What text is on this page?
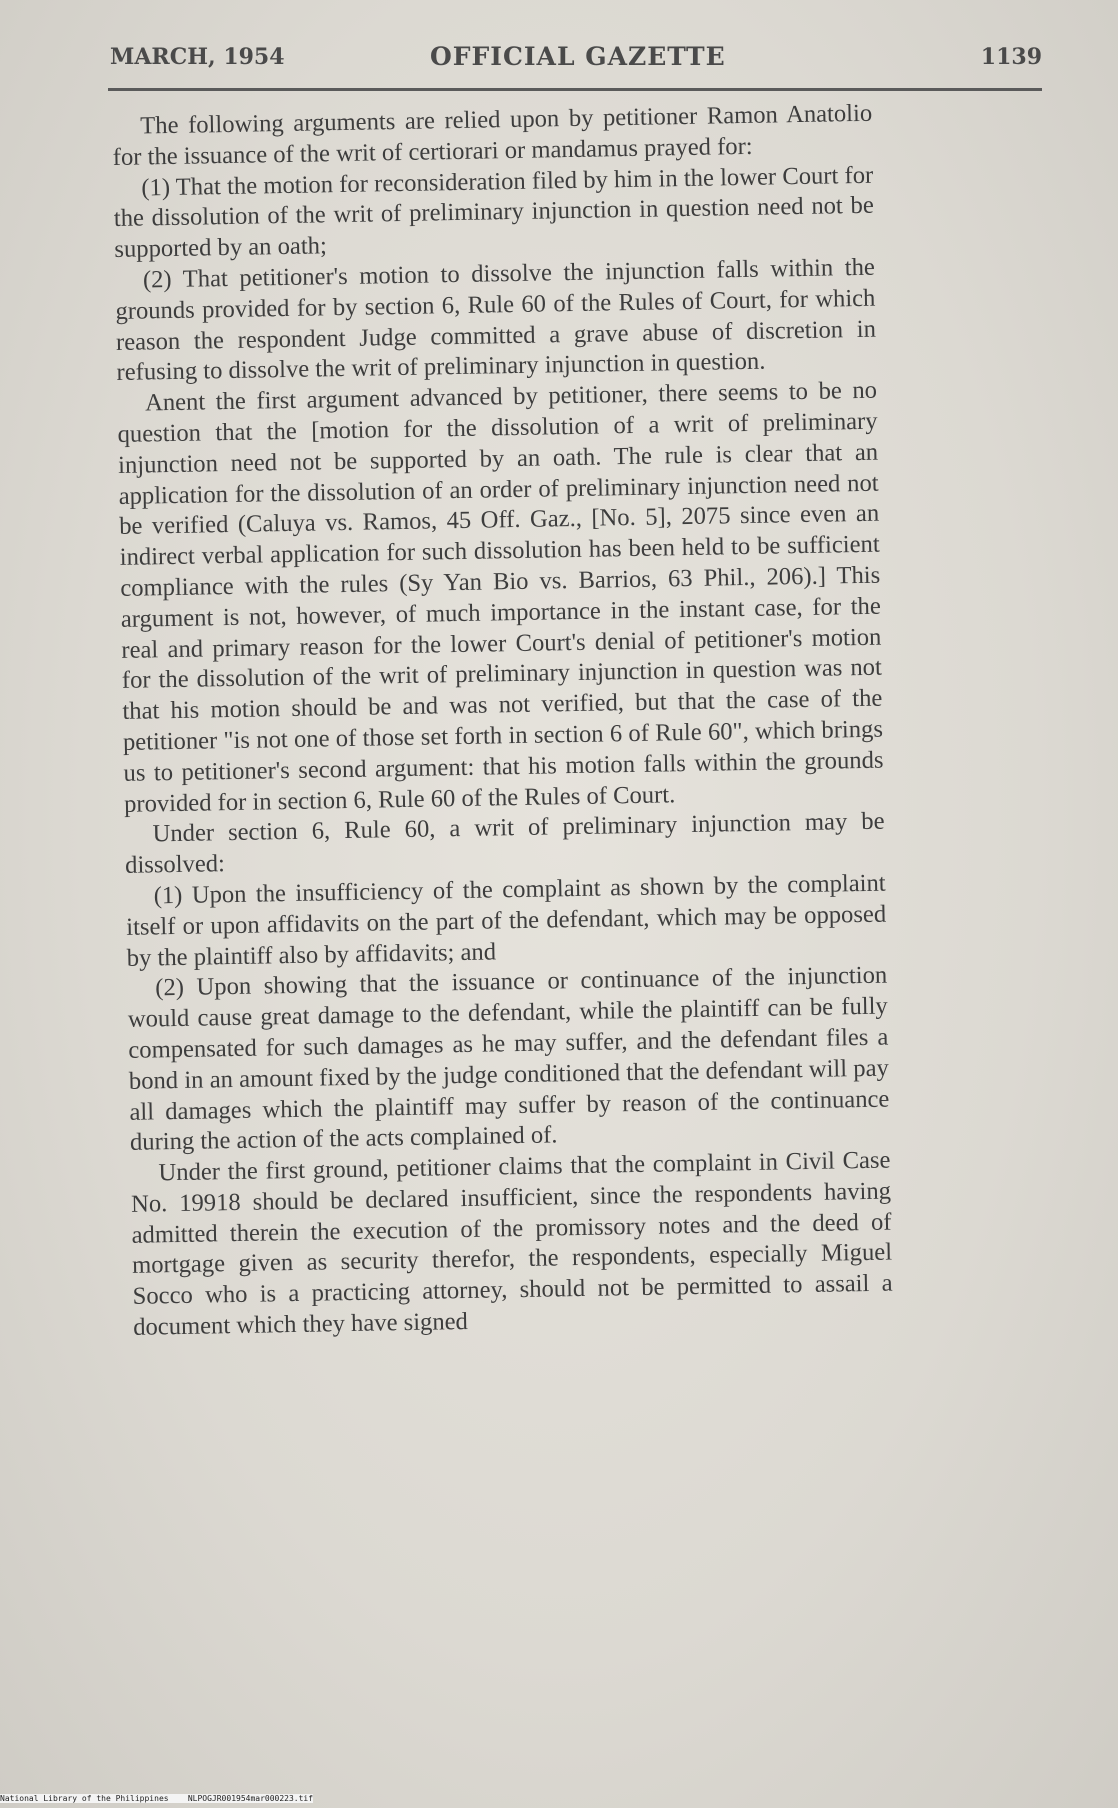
MARCH, 1954	OFFICIAL GAZETTE	1139

The following arguments are relied upon by petitioner Ramon Anatolio for the issuance of the writ of certiorari or mandamus prayed for:

(1) That the motion for reconsideration filed by him in the lower Court for the dissolution of the writ of preliminary injunction in question need not be supported by an oath;

(2) That petitioner's motion to dissolve the injunction falls within the grounds provided for by section 6, Rule 60 of the Rules of Court, for which reason the respondent Judge committed a grave abuse of discretion in refusing to dissolve the writ of preliminary injunction in question.

Anent the first argument advanced by petitioner, there seems to be no question that the [motion for the dissolution of a writ of preliminary injunction need not be supported by an oath. The rule is clear that an application for the dissolution of an order of preliminary injunction need not be verified (Caluya vs. Ramos, 45 Off. Gaz., [No. 5], 2075 since even an indirect verbal application for such dissolution has been held to be sufficient compliance with the rules (Sy Yan Bio vs. Barrios, 63 Phil., 206).] This argument is not, however, of much importance in the instant case, for the real and primary reason for the lower Court's denial of petitioner's motion for the dissolution of the writ of preliminary injunction in question was not that his motion should be and was not verified, but that the case of the petitioner "is not one of those set forth in section 6 of Rule 60", which brings us to petitioner's second argument: that his motion falls within the grounds provided for in section 6, Rule 60 of the Rules of Court.

Under section 6, Rule 60, a writ of preliminary injunction may be dissolved:

(1) Upon the insufficiency of the complaint as shown by the complaint itself or upon affidavits on the part of the defendant, which may be opposed by the plaintiff also by affidavits; and

(2) Upon showing that the issuance or continuance of the injunction would cause great damage to the defendant, while the plaintiff can be fully compensated for such damages as he may suffer, and the defendant files a bond in an amount fixed by the judge conditioned that the defendant will pay all damages which the plaintiff may suffer by reason of the continuance during the action of the acts complained of.

Under the first ground, petitioner claims that the complaint in Civil Case No. 19918 should be declared insufficient, since the respondents having admitted therein the execution of the promissory notes and the deed of mortgage given as security therefor, the respondents, especially Miguel Socco who is a practicing attorney, should not be permitted to assail a document which they have signed

National Library of the Philippines    NLPOGJR001954mar000223.tif
